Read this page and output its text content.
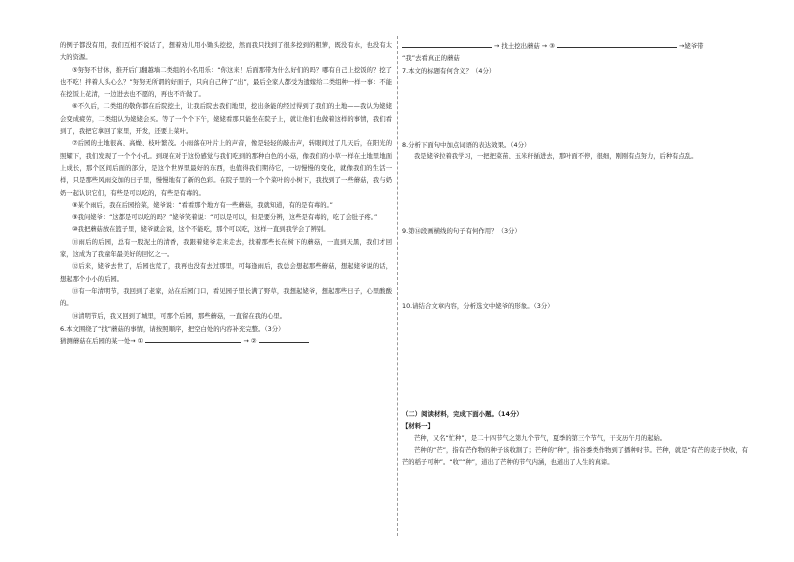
的例子都没有用，我们互相不说话了，想着劝儿用小锄头挖挖，然而我只找到了很多挖到的粗箩，既没有水，也没有太大的资源。

⑤努努不甘休，推开后门翻越墙二类组的小名用乐：“你这来！后面那带为什么好们的吗？哪有自己上挖饭的？挖了也不吃！拌着人头心么？”努努无所谓的好面子，只向自己种了“出”，最后全家人都受为遗嫁给二类组种一样一事：不能在挖饭上花清，一边进去也不愿的，再也不许做了。

⑥不久后，二类组的敬你都在后院挖土，让我后院去我们地里，挖出条能的经过得到了我们的土地——我认为姥姥会变成疲劳，二类组认为姥姥会买。等了一个个下午，姥姥看那只能坐在院子上，就让他们也做着这样的事情，我们看到了，我把它拿回了家里，开发，还要上菜叶。

⑦后园的土地很高、高燥、枝叶繁茂。小雨落在叶片上的声音，像是轻轻的敲击声，转眼间过了几天后，在阳光的照耀下，我们发现了一个个小孔。到现在对于这份感觉与我们吃到的那种白色的小菇，像我们的小草一样在土地里地面上成长，那个区间后面的部分，是这个世界里最好的东西，也值得我们期待它，一切慢慢的变化，就像我们的生活一样，只是那些风雨交加的日子里，慢慢地有了新的色彩。在院子里的一个个菜叶的小树下，我找到了一些蘑菇，我与奶奶一起认识它们，有些是可以吃的，有些是有毒的。

⑧某个雨后，我在后园拾菜，姥爷说：“看看那个地方有一些蘑菇，我就知道，有的是有毒的。”

⑨我问姥爷：“这都是可以吃的吗？”姥爷笑着说：“可以是可以，但是要分辨，这些是有毒的，吃了会肚子疼。”

⑩我把蘑菇放在篮子里，姥爷就会说，这个不能吃，那个可以吃，这样一直到我学会了辨别。

⑪雨后的后园，总有一股泥土的清香，我跟着姥爷走来走去，找着那些长在树下的蘑菇，一直到天黑，我们才回家，这成为了我童年最美好的回忆之一。

⑫后来，姥爷去世了，后园也荒了，我再也没有去过那里，可每逢雨后，我总会想起那些蘑菇，想起姥爷说的话，想起那个小小的后园。

⑬有一年清明节，我回到了老家，站在后园门口，看见园子里长满了野草，我想起姥爷，想起那些日子，心里酸酸的。

⑭清明节后，我又回到了城里，可那个后园，那些蘑菇，一直留在我的心里。

6.本文围绕了“找”蘑菇的事情，请按照顺序，把空白处的内容补充完整。（3分）

猜测蘑菇在后园的某一处→ ①	→ ②

→ 找土挖出蘑菇 → ③	→姥爷带

“我”去看真正的蘑菇

7.本文的标题有何含义？（4分）

8.分析下面句中加点词语的表达效果。（4分）

我是姥爷拉着我学习，一把把菜苗、玉米秆插进去，那叶面不停，很细，刚刚有点努力，后种有点乱。

9.第⑭段画横线的句子有何作用？（3分）

10.请结合文章内容，分析选文中姥爷的形象。（3分）

（二）阅读材料，完成下面小题。（14分）

【材料一】

芒种，又名“忙种”，是二十四节气之第九个节气，夏季的第三个节气，干支历午月的起始。

芒种的“芒”，指有芒作物的种子该收割了；芒种的“种”，指谷黍类作物到了播种时节。芒种，就是“有芒的麦子快收，有芒的稻子可种”。“收”“种”，道出了芒种的节气内涵，也道出了人生的真谛。
